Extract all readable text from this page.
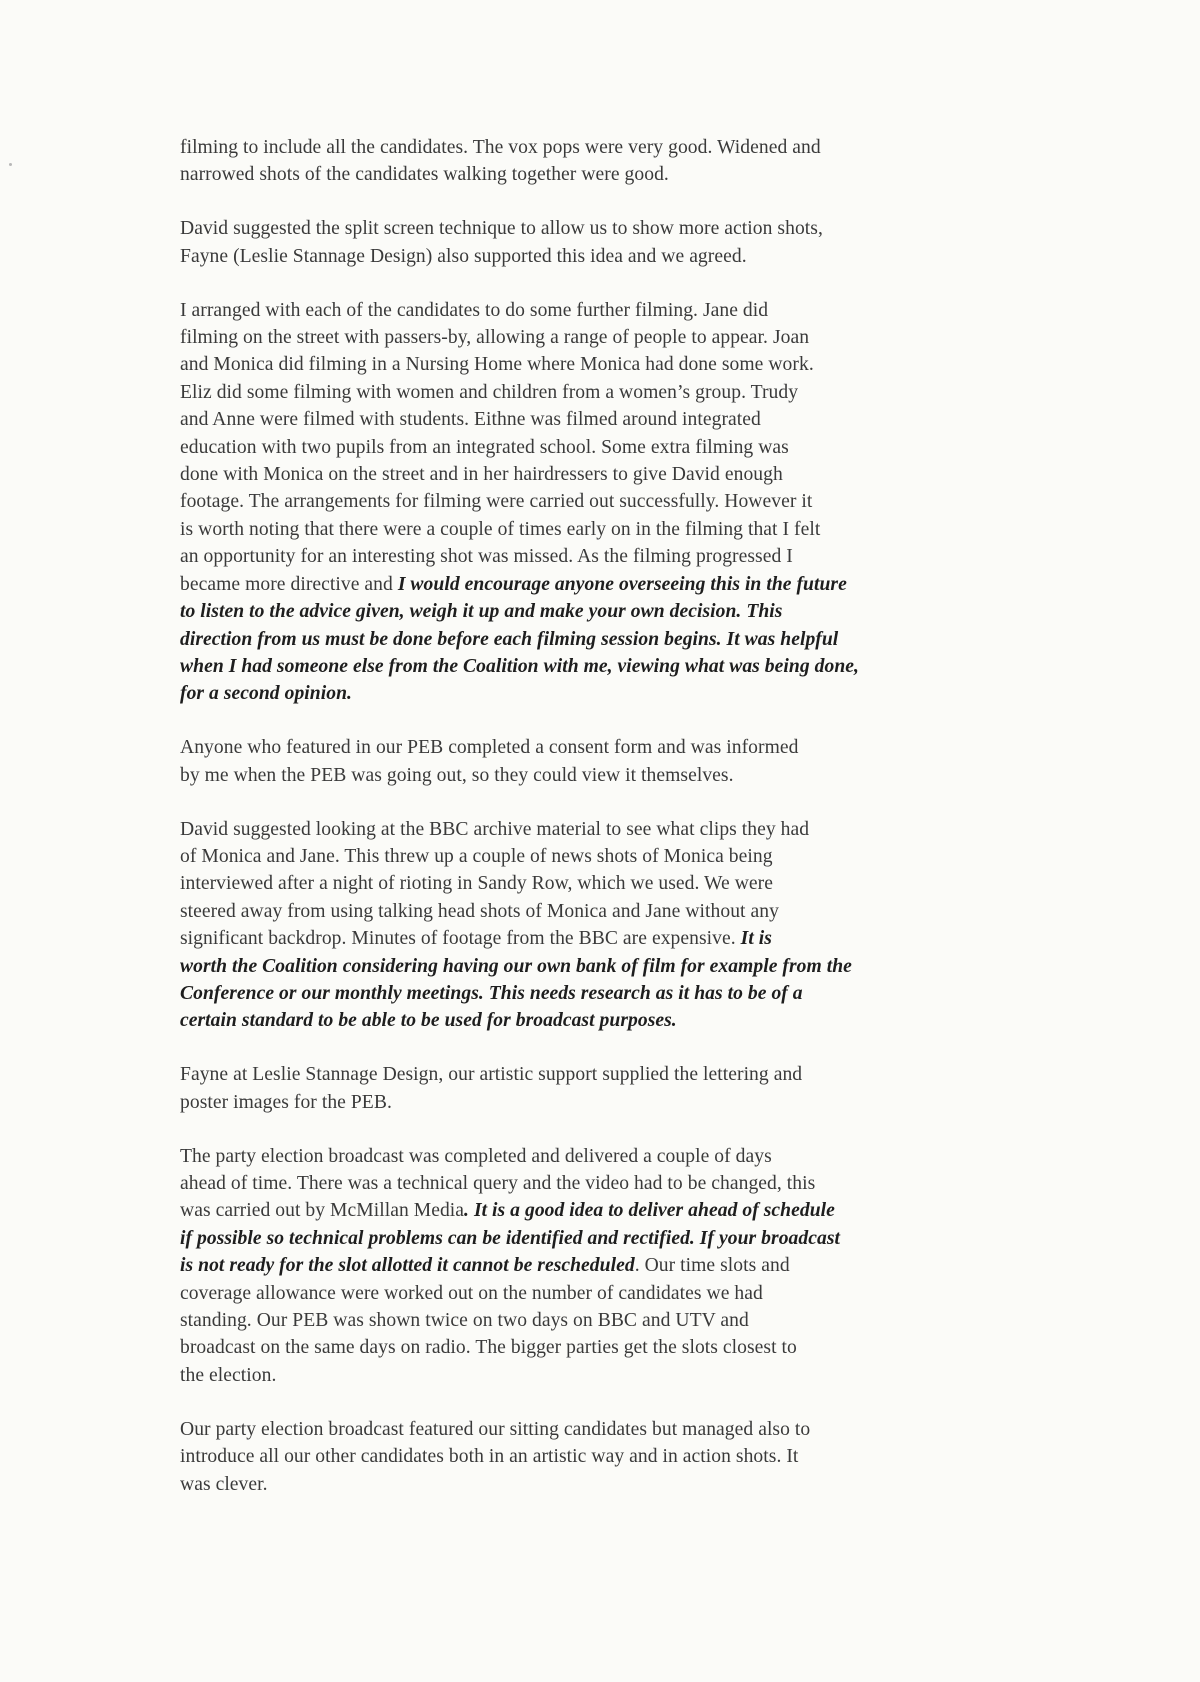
filming to include all the candidates. The vox pops were very good. Widened and
narrowed shots of the candidates walking together were good.

David suggested the split screen technique to allow us to show more action shots,
Fayne (Leslie Stannage Design) also supported this idea and we agreed.

I arranged with each of the candidates to do some further filming. Jane did
filming on the street with passers-by, allowing a range of people to appear. Joan
and Monica did filming in a Nursing Home where Monica had done some work.
Eliz did some filming with women and children from a women’s group. Trudy
and Anne were filmed with students. Eithne was filmed around integrated
education with two pupils from an integrated school. Some extra filming was
done with Monica on the street and in her hairdressers to give David enough
footage. The arrangements for filming were carried out successfully. However it
is worth noting that there were a couple of times early on in the filming that I felt
an opportunity for an interesting shot was missed. As the filming progressed I
became more directive and I would encourage anyone overseeing this in the future
to listen to the advice given, weigh it up and make your own decision. This
direction from us must be done before each filming session begins. It was helpful
when I had someone else from the Coalition with me, viewing what was being done,
for a second opinion.

Anyone who featured in our PEB completed a consent form and was informed
by me when the PEB was going out, so they could view it themselves.

David suggested looking at the BBC archive material to see what clips they had
of Monica and Jane. This threw up a couple of news shots of Monica being
interviewed after a night of rioting in Sandy Row, which we used. We were
steered away from using talking head shots of Monica and Jane without any
significant backdrop. Minutes of footage from the BBC are expensive. It is
worth the Coalition considering having our own bank of film for example from the
Conference or our monthly meetings. This needs research as it has to be of a
certain standard to be able to be used for broadcast purposes.

Fayne at Leslie Stannage Design, our artistic support supplied the lettering and
poster images for the PEB.

The party election broadcast was completed and delivered a couple of days
ahead of time. There was a technical query and the video had to be changed, this
was carried out by McMillan Media. It is a good idea to deliver ahead of schedule
if possible so technical problems can be identified and rectified. If your broadcast
is not ready for the slot allotted it cannot be rescheduled. Our time slots and
coverage allowance were worked out on the number of candidates we had
standing. Our PEB was shown twice on two days on BBC and UTV and
broadcast on the same days on radio. The bigger parties get the slots closest to
the election.

Our party election broadcast featured our sitting candidates but managed also to
introduce all our other candidates both in an artistic way and in action shots. It
was clever.
